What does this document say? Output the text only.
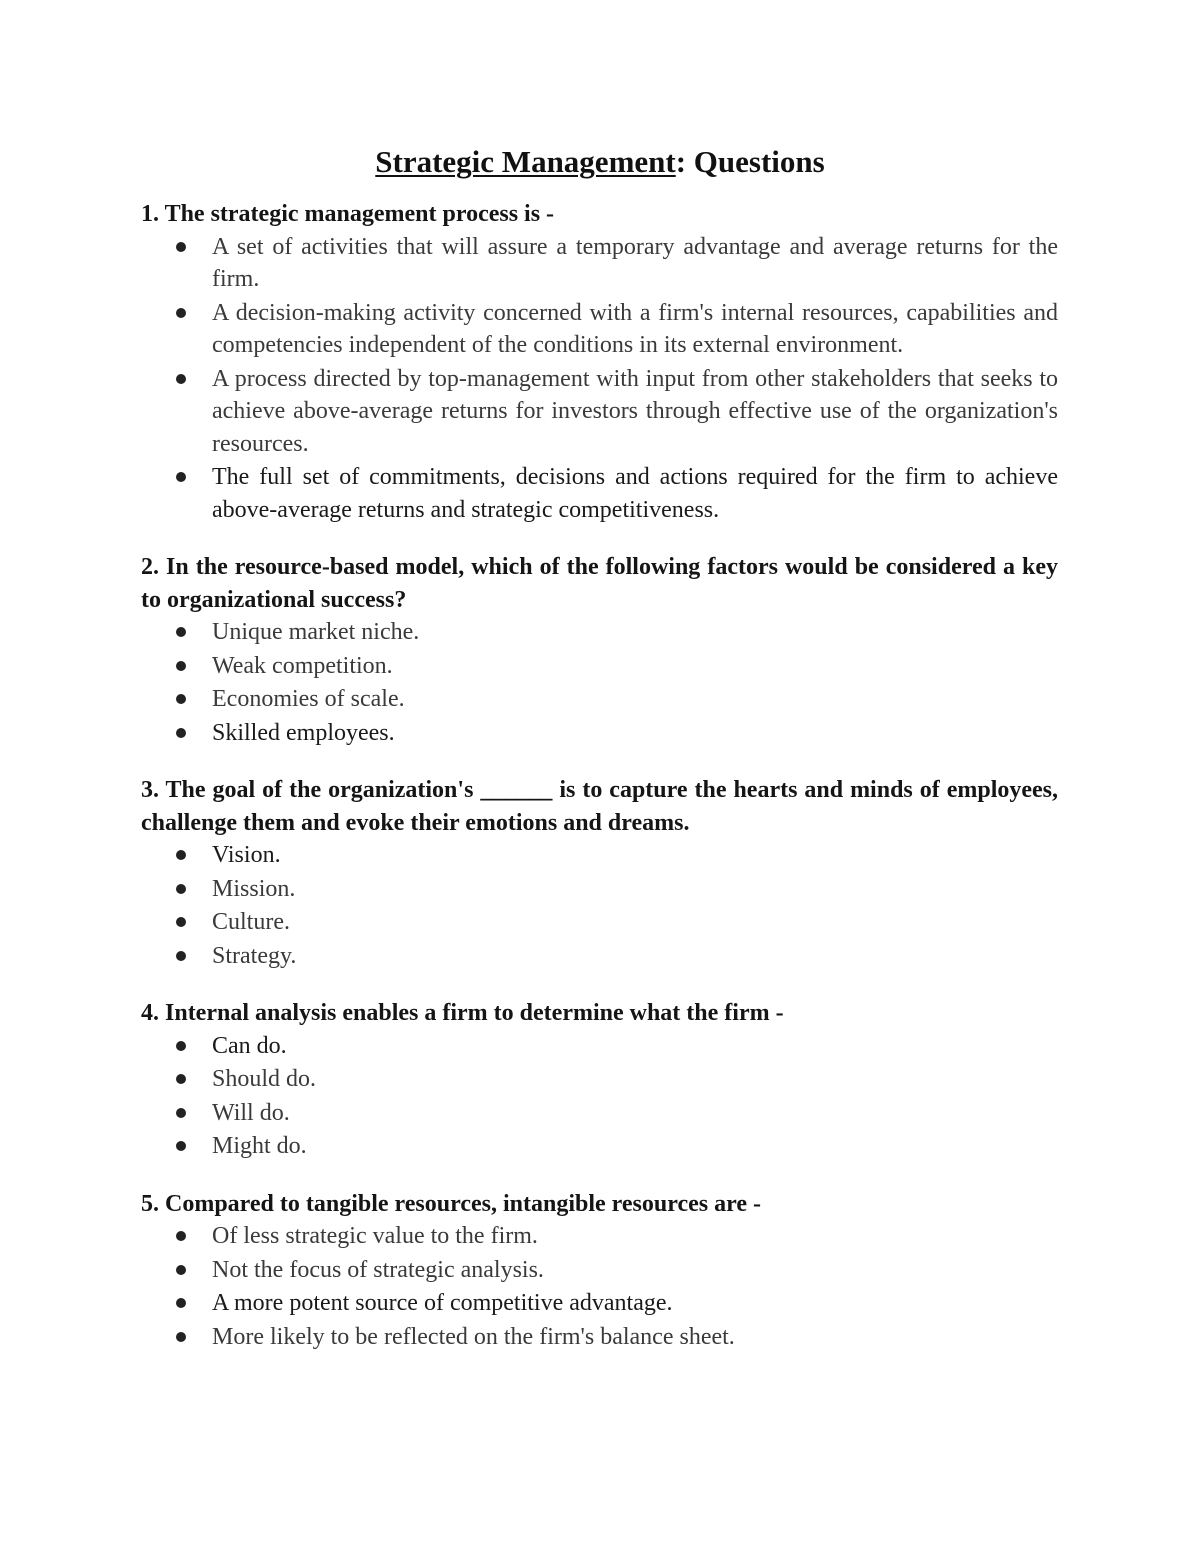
Strategic Management: Questions

1. The strategic management process is -

A set of activities that will assure a temporary advantage and average returns for the firm.
A decision-making activity concerned with a firm's internal resources, capabilities and competencies independent of the conditions in its external environment.
A process directed by top-management with input from other stakeholders that seeks to achieve above-average returns for investors through effective use of the organization's resources.
The full set of commitments, decisions and actions required for the firm to achieve above-average returns and strategic competitiveness.

2. In the resource-based model, which of the following factors would be considered a key to organizational success?

Unique market niche.
Weak competition.
Economies of scale.
Skilled employees.

3. The goal of the organization's ______ is to capture the hearts and minds of employees, challenge them and evoke their emotions and dreams.

Vision.
Mission.
Culture.
Strategy.

4. Internal analysis enables a firm to determine what the firm -

Can do.
Should do.
Will do.
Might do.

5. Compared to tangible resources, intangible resources are -

Of less strategic value to the firm.
Not the focus of strategic analysis.
A more potent source of competitive advantage.
More likely to be reflected on the firm's balance sheet.
